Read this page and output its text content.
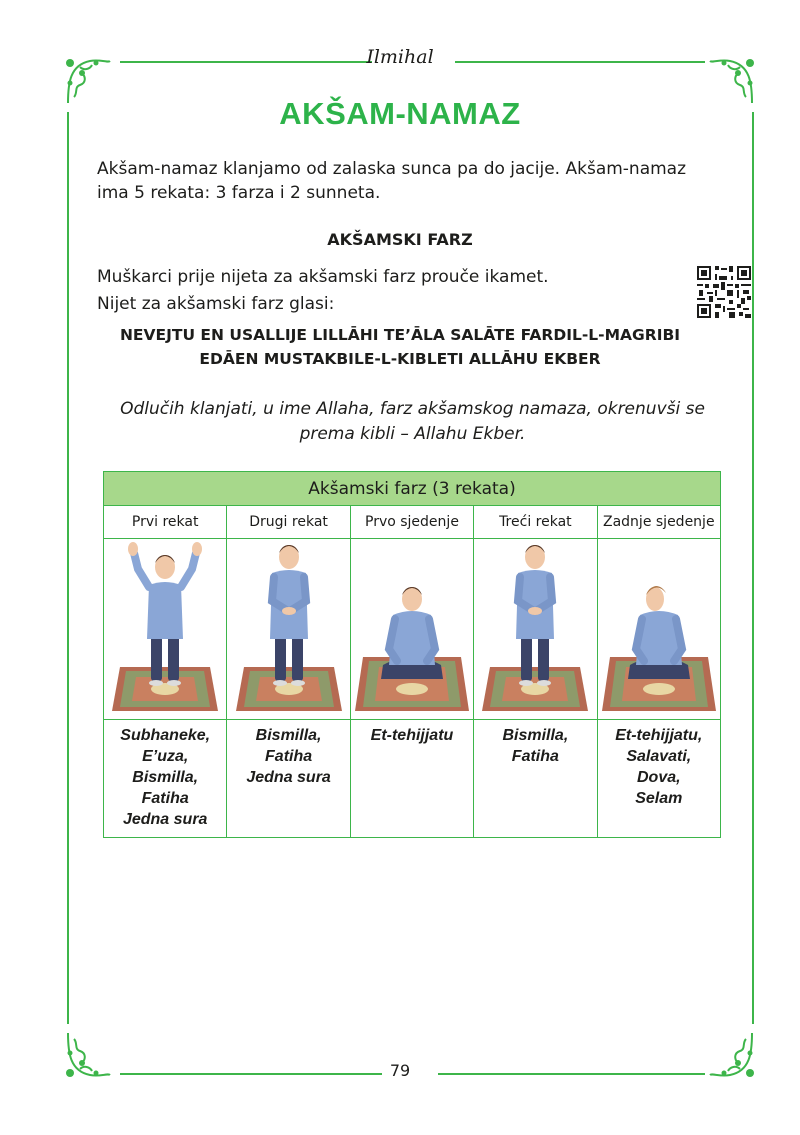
Ilmihal
AKŠAM-NAMAZ
Akšam-namaz klanjamo od zalaska sunca pa do jacije. Akšam-namaz ima 5 rekata: 3 farza i 2 sunneta.
AKŠAMSKI FARZ
Muškarci prije nijeta za akšamski farz prouče ikamet.
Nijet za akšamski farz glasi:
NEVEJTU EN USALLIJE LILLĀHI TE’ĀLA SALĀTE FARDIL-L-MAGRIBI
EDĀEN MUSTAKBILE-L-KIBLETI ALLĀHU EKBER
Odlučih klanjati, u ime Allaha, farz akšamskog namaza, okrenuvši se
prema kibli – Allahu Ekber.
Akšamski farz (3 rekata)				
Prvi rekat	Drugi rekat	Prvo sjedenje	Treći rekat	Zadnje sjedenje

Subhaneke,
E’uza,
Bismilla,
Fatiha
Jedna sura	Bismilla,
Fatiha
Jedna sura	Et-tehijjatu	Bismilla,
Fatiha	Et-tehijjatu,
Salavati,
Dova,
Selam
79
